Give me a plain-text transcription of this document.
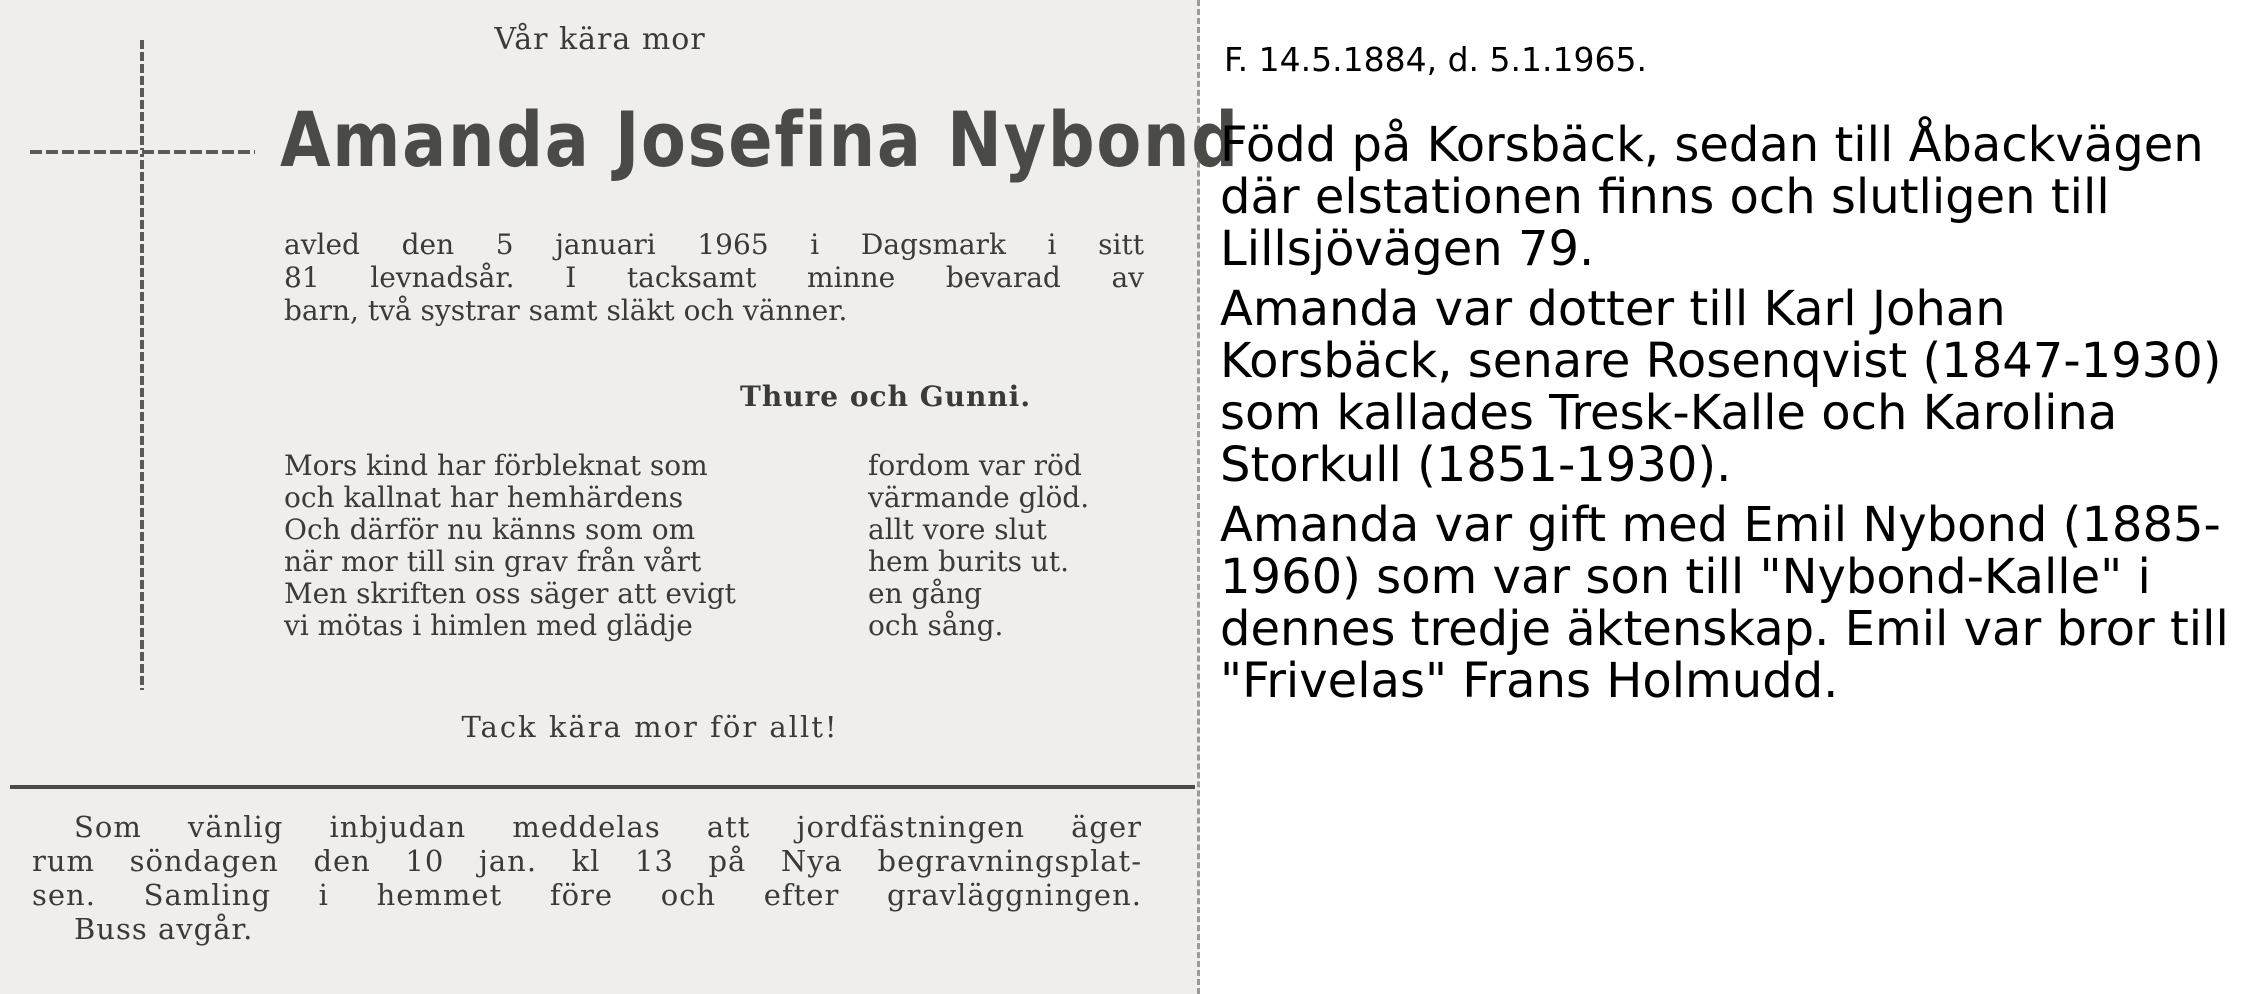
Vår kära mor
Amanda Josefina Nybond
avled den 5 januari 1965 i Dagsmark i sitt
81 levnadsår. I tacksamt minne bevarad av
barn, två systrar samt släkt och vänner.
Thure och Gunni.
Mors kind har förbleknat som	fordom var röd
och kallnat har hemhärdens	värmande glöd.
Och därför nu känns som om	allt vore slut
när mor till sin grav från vårt	hem burits ut.
Men skriften oss säger att evigt	en gång
vi mötas i himlen med glädje	och sång.
Tack kära mor för allt!
Som vänlig inbjudan meddelas att jordfästningen äger
rum söndagen den 10 jan. kl 13 på Nya begravningsplat-
sen. Samling i hemmet före och efter gravläggningen.
Buss avgår.
F. 14.5.1884, d. 5.1.1965.

Född på Korsbäck, sedan till Åbackvägen där elstationen finns och slutligen till Lillsjövägen 79.

Amanda var dotter till Karl Johan Korsbäck, senare Rosenqvist (1847-1930) som kallades Tresk-Kalle och Karolina Storkull (1851-1930).

Amanda var gift med Emil Nybond (1885-1960) som var son till "Nybond-Kalle" i dennes tredje äktenskap. Emil var bror till "Frivelas" Frans Holmudd.
